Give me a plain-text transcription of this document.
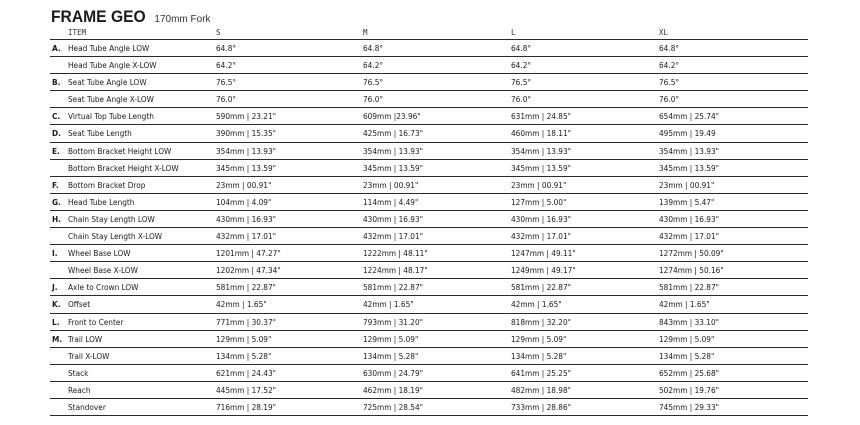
FRAME GEO 170mm Fork
ITEM	S	M	L	XL
A. Head Tube Angle LOW	64.8°	64.8°	64.8°	64.8°
Head Tube Angle X-LOW	64.2°	64.2°	64.2°	64.2°
B. Seat Tube Angle LOW	76.5°	76.5°	76.5°	76.5°
Seat Tube Angle X-LOW	76.0°	76.0°	76.0°	76.0°
C. Virtual Top Tube Length	590mm | 23.21"	609mm |23.96"	631mm | 24.85"	654mm | 25.74"
D. Seat Tube Length	390mm | 15.35"	425mm | 16.73"	460mm | 18.11"	495mm | 19.49
E. Bottom Bracket Height LOW	354mm | 13.93"	354mm | 13.93"	354mm | 13.93"	354mm | 13.93"
Bottom Bracket Height X-LOW	345mm | 13.59"	345mm | 13.59"	345mm | 13.59"	345mm | 13.59"
F. Bottom Bracket Drop	23mm | 00.91"	23mm | 00.91"	23mm | 00.91"	23mm | 00.91"
G. Head Tube Length	104mm | 4.09"	114mm | 4.49"	127mm | 5.00"	139mm | 5.47"
H. Chain Stay Length LOW	430mm | 16.93"	430mm | 16.93"	430mm | 16.93"	430mm | 16.93"
Chain Stay Length X-LOW	432mm | 17.01"	432mm | 17.01"	432mm | 17.01"	432mm | 17.01"
I. Wheel Base LOW	1201mm | 47.27"	1222mm | 48.11"	1247mm | 49.11"	1272mm | 50.09"
Wheel Base X-LOW	1202mm | 47.34"	1224mm | 48.17"	1249mm | 49.17"	1274mm | 50.16"
J. Axle to Crown LOW	581mm | 22.87"	581mm | 22.87"	581mm | 22.87"	581mm | 22.87"
K. Offset	42mm | 1.65"	42mm | 1.65"	42mm | 1.65"	42mm | 1.65"
L. Front to Center	771mm | 30.37"	793mm | 31.20"	818mm | 32.20"	843mm | 33.10"
M. Trail LOW	129mm | 5.09"	129mm | 5.09"	129mm | 5.09"	129mm | 5.09"
Trail X-LOW	134mm | 5.28"	134mm | 5.28"	134mm | 5.28"	134mm | 5.28"
Stack	621mm | 24.43"	630mm | 24.79"	641mm | 25.25"	652mm | 25.68"
Reach	445mm | 17.52"	462mm | 18.19"	482mm | 18.98"	502mm | 19.76"
Standover	716mm | 28.19"	725mm | 28.54"	733mm | 28.86"	745mm | 29.33"
